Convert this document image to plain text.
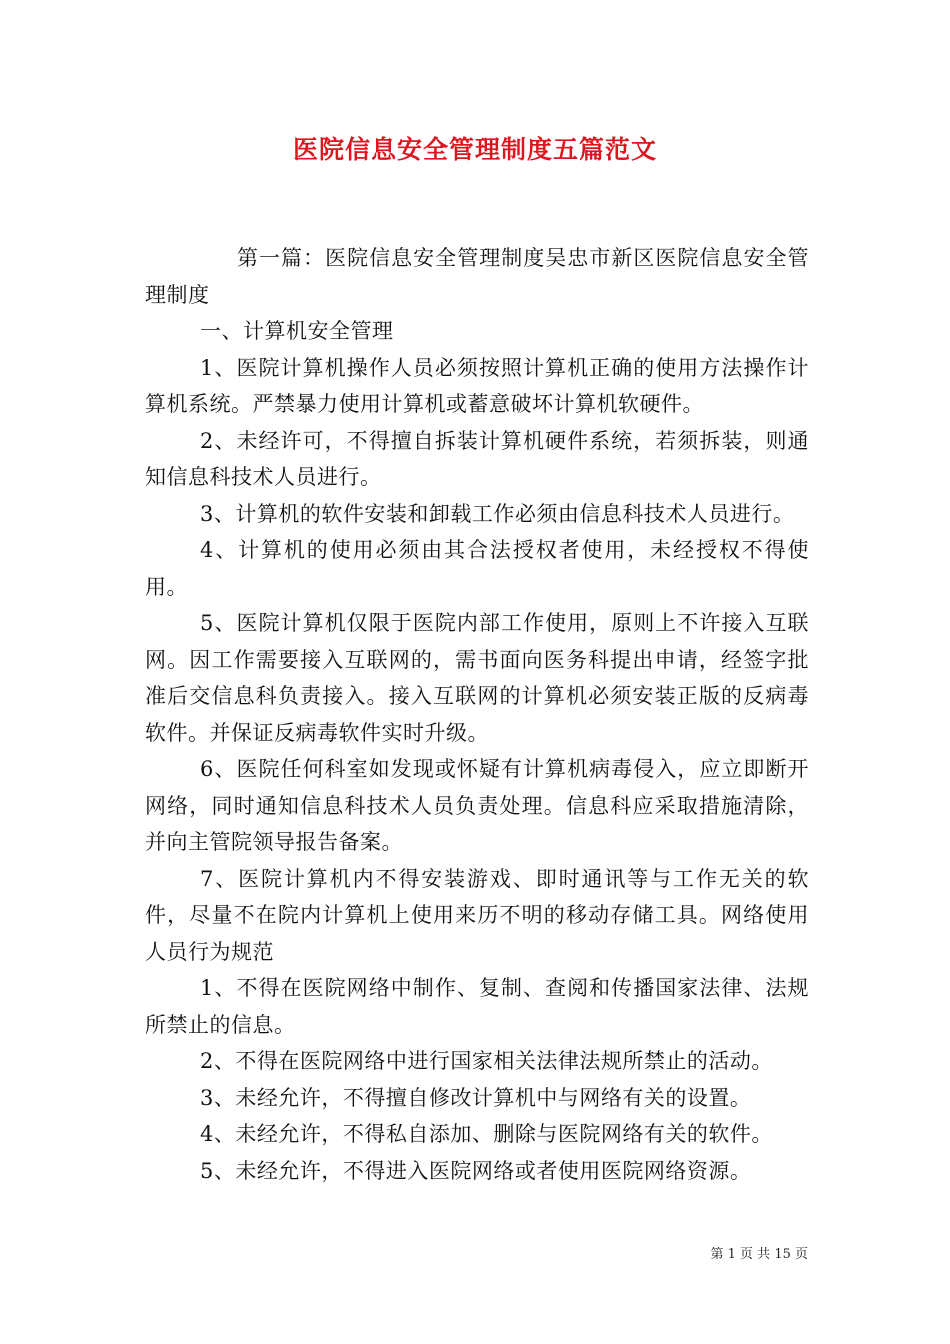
医院信息安全管理制度五篇范文

第一篇：医院信息安全管理制度吴忠市新区医院信息安全管理制度

一、计算机安全管理

1、医院计算机操作人员必须按照计算机正确的使用方法操作计算机系统。严禁暴力使用计算机或蓄意破坏计算机软硬件。

2、未经许可，不得擅自拆装计算机硬件系统，若须拆装，则通知信息科技术人员进行。

3、计算机的软件安装和卸载工作必须由信息科技术人员进行。

4、计算机的使用必须由其合法授权者使用，未经授权不得使用。

5、医院计算机仅限于医院内部工作使用，原则上不许接入互联网。因工作需要接入互联网的，需书面向医务科提出申请，经签字批准后交信息科负责接入。接入互联网的计算机必须安装正版的反病毒软件。并保证反病毒软件实时升级。

6、医院任何科室如发现或怀疑有计算机病毒侵入，应立即断开网络，同时通知信息科技术人员负责处理。信息科应采取措施清除，并向主管院领导报告备案。

7、医院计算机内不得安装游戏、即时通讯等与工作无关的软件，尽量不在院内计算机上使用来历不明的移动存储工具。网络使用人员行为规范

1、不得在医院网络中制作、复制、查阅和传播国家法律、法规所禁止的信息。

2、不得在医院网络中进行国家相关法律法规所禁止的活动。

3、未经允许，不得擅自修改计算机中与网络有关的设置。

4、未经允许，不得私自添加、删除与医院网络有关的软件。

5、未经允许，不得进入医院网络或者使用医院网络资源。

第 1 页 共 15 页
